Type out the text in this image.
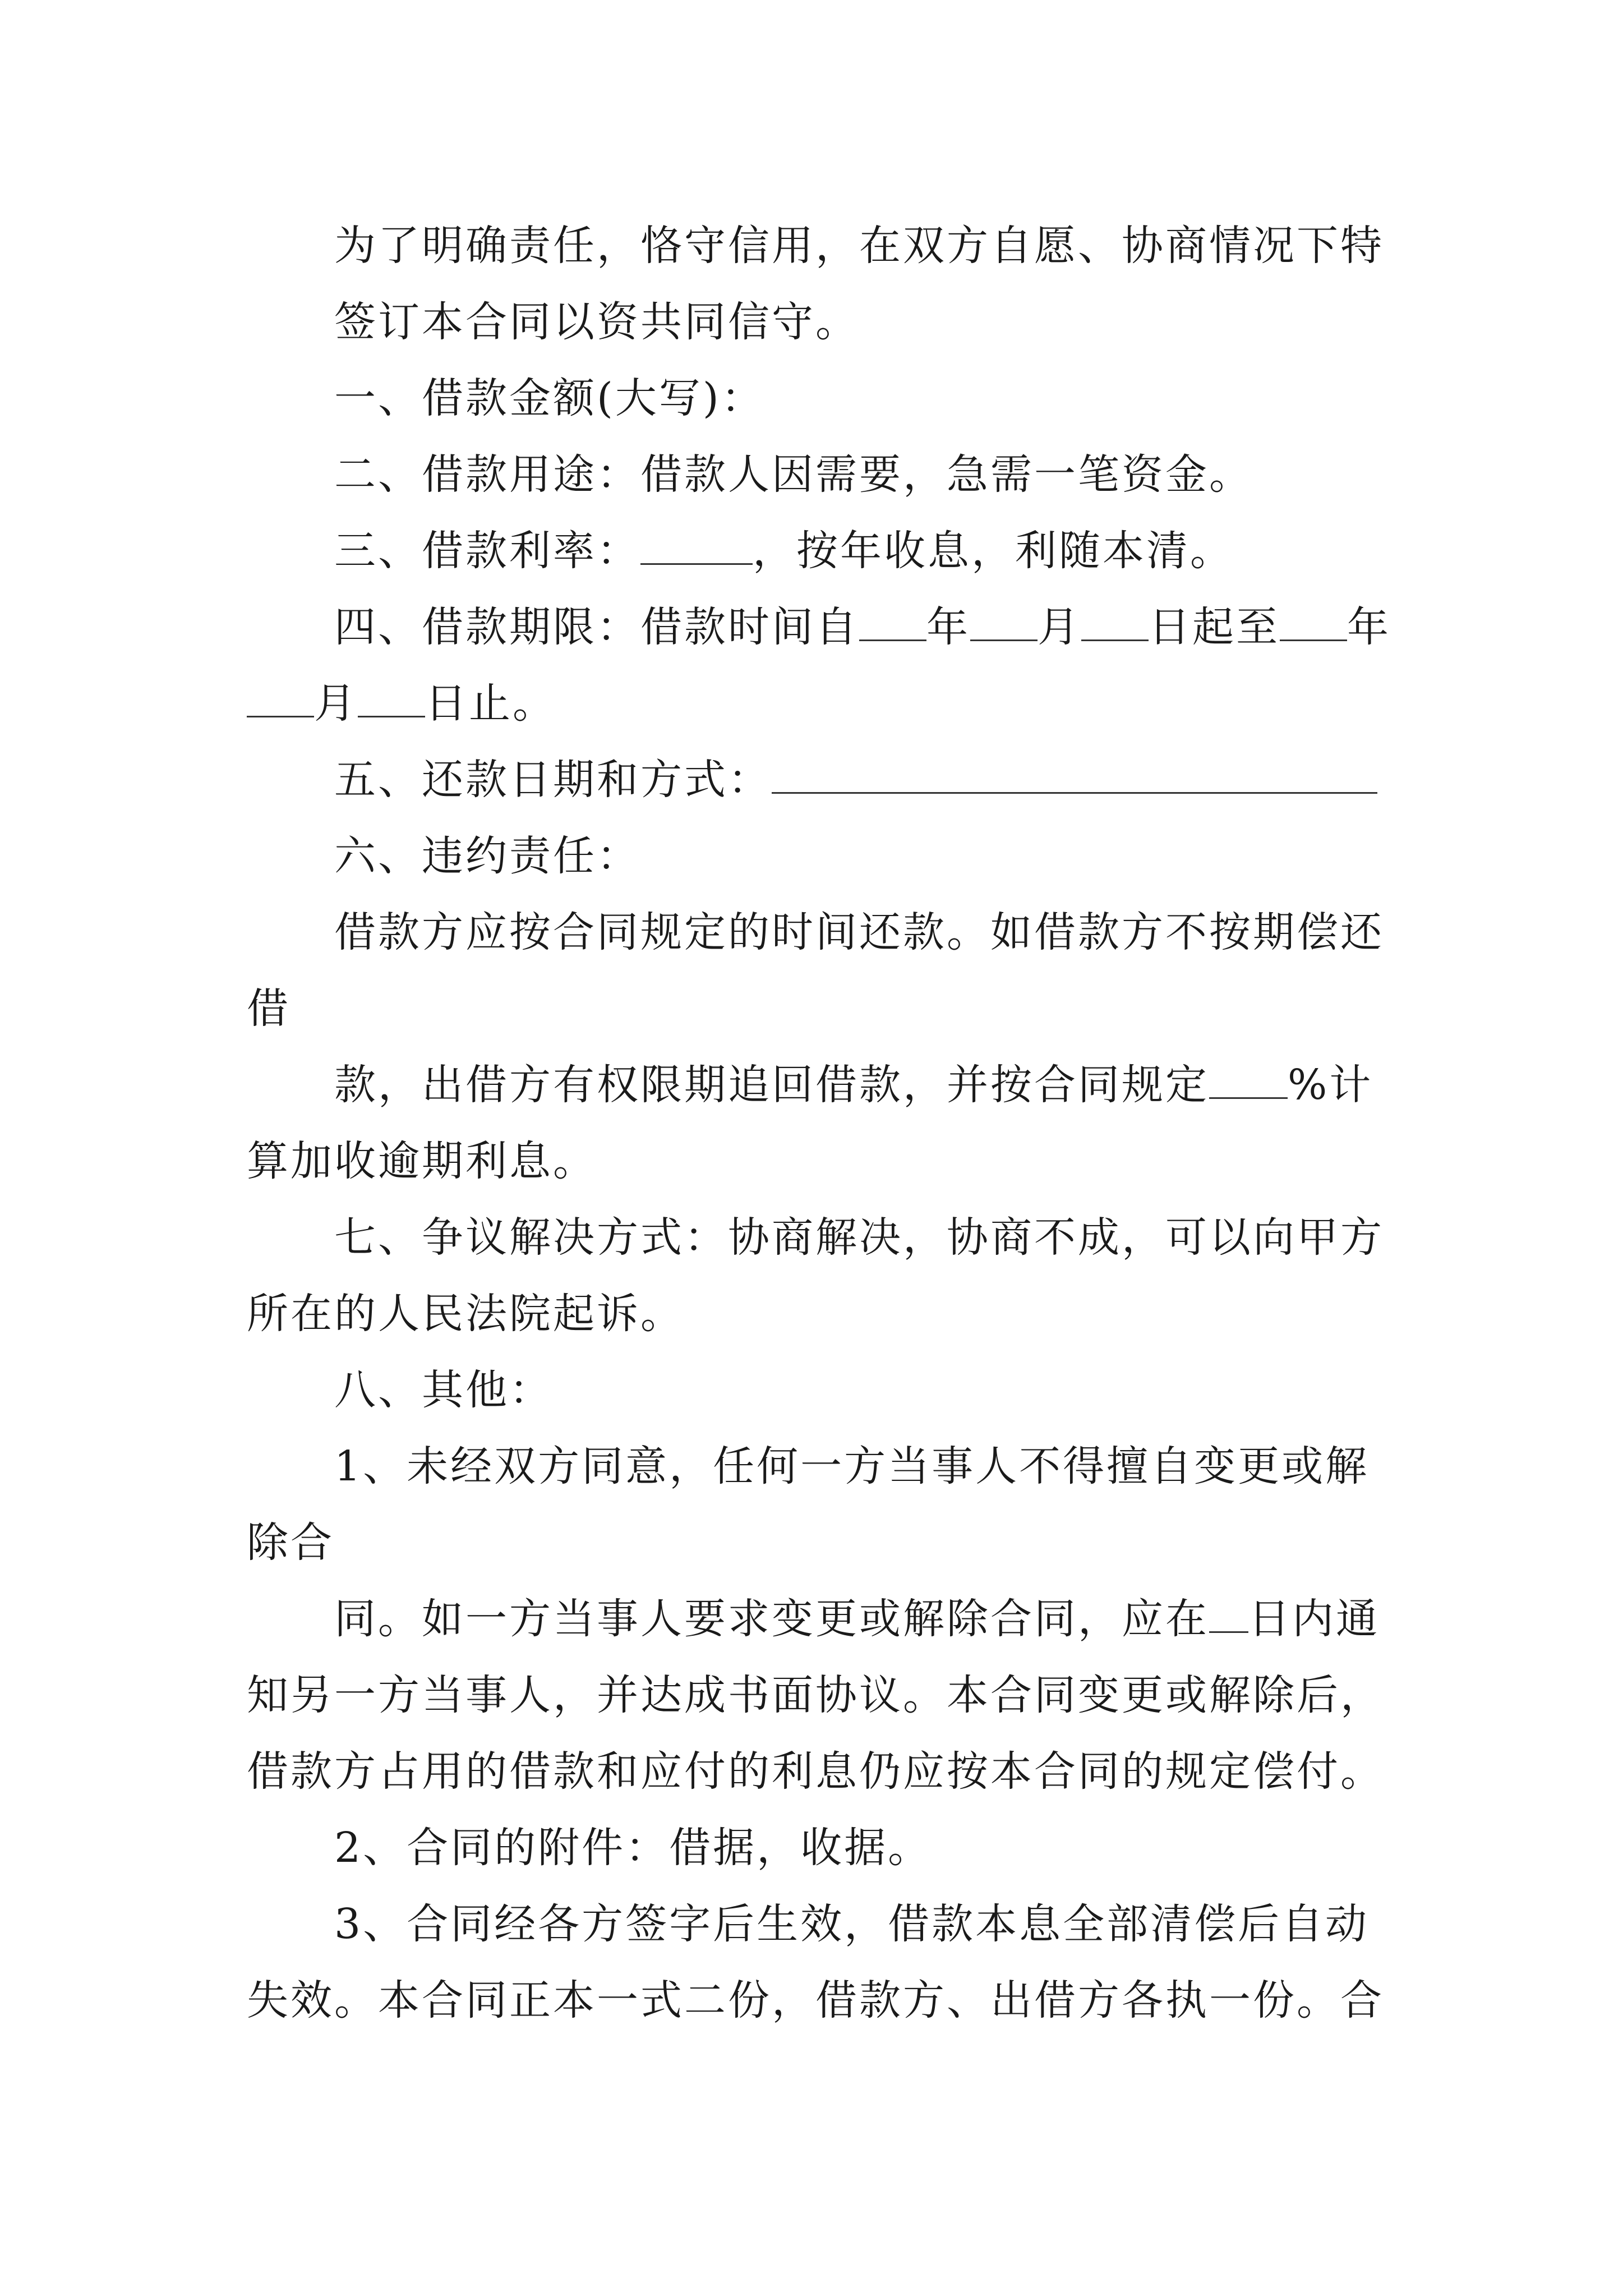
为了明确责任，恪守信用，在双方自愿、协商情况下特
签订本合同以资共同信守。
一、借款金额(大写)：
二、借款用途：借款人因需要，急需一笔资金。
三、借款利率：	，按年收息，利随本清。
四、借款期限：借款时间自 年 月 日起至 年
月 日止。
五、还款日期和方式：
六、违约责任：
借款方应按合同规定的时间还款。如借款方不按期偿还
借
款，出借方有权限期追回借款，并按合同规定 %计
算加收逾期利息。
七、争议解决方式：协商解决，协商不成，可以向甲方
所在的人民法院起诉。
八、其他：
1、未经双方同意，任何一方当事人不得擅自变更或解
除合
同。如一方当事人要求变更或解除合同，应在 日内通
知另一方当事人，并达成书面协议。本合同变更或解除后，
借款方占用的借款和应付的利息仍应按本合同的规定偿付。
2、合同的附件：借据，收据。
3、合同经各方签字后生效，借款本息全部清偿后自动
失效。本合同正本一式二份，借款方、出借方各执一份。合
